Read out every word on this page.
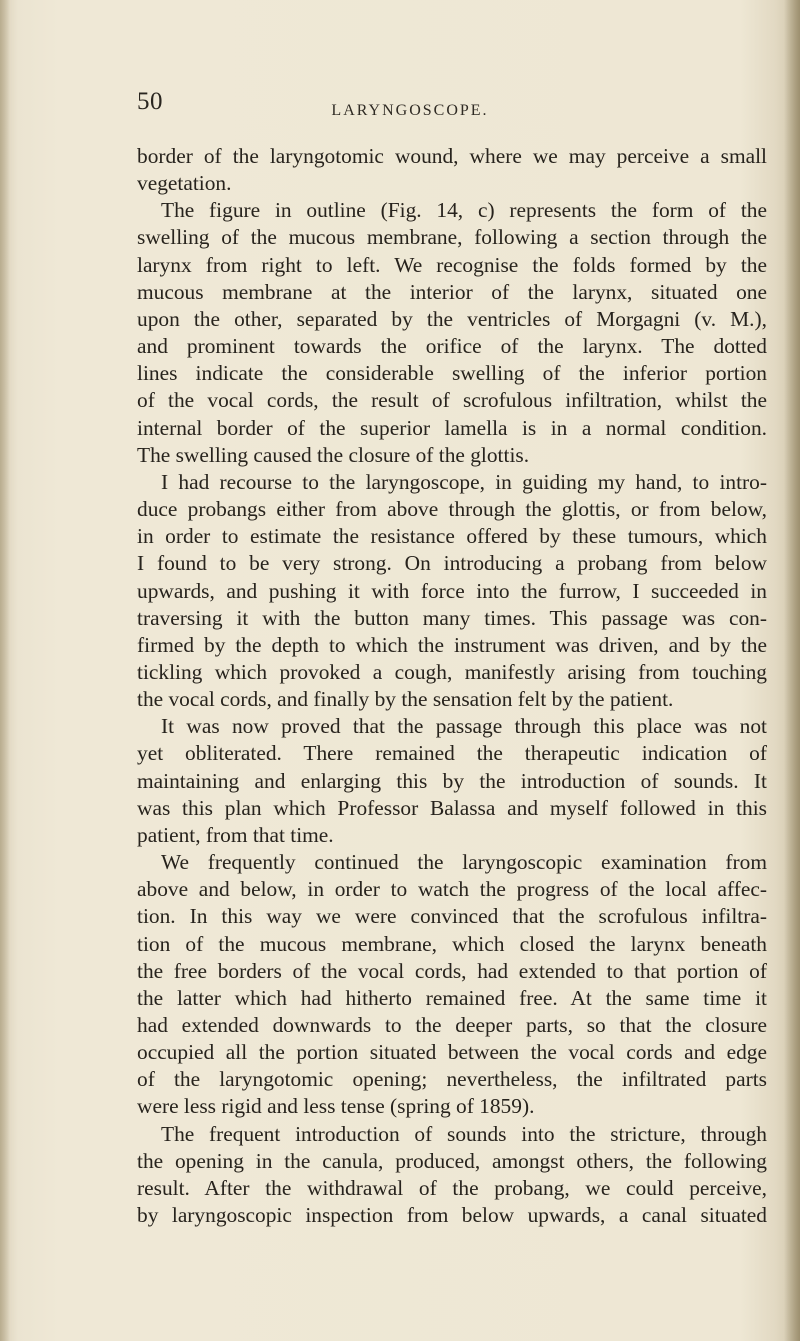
50	LARYNGOSCOPE.
border of the laryngotomic wound, where we may perceive a small
vegetation.
The figure in outline (Fig. 14, c) represents the form of the
swelling of the mucous membrane, following a section through the
larynx from right to left. We recognise the folds formed by the
mucous membrane at the interior of the larynx, situated one
upon the other, separated by the ventricles of Morgagni (v. M.),
and prominent towards the orifice of the larynx. The dotted
lines indicate the considerable swelling of the inferior portion
of the vocal cords, the result of scrofulous infiltration, whilst the
internal border of the superior lamella is in a normal condition.
The swelling caused the closure of the glottis.
I had recourse to the laryngoscope, in guiding my hand, to intro-
duce probangs either from above through the glottis, or from below,
in order to estimate the resistance offered by these tumours, which
I found to be very strong. On introducing a probang from below
upwards, and pushing it with force into the furrow, I succeeded in
traversing it with the button many times. This passage was con-
firmed by the depth to which the instrument was driven, and by the
tickling which provoked a cough, manifestly arising from touching
the vocal cords, and finally by the sensation felt by the patient.
It was now proved that the passage through this place was not
yet obliterated. There remained the therapeutic indication of
maintaining and enlarging this by the introduction of sounds. It
was this plan which Professor Balassa and myself followed in this
patient, from that time.
We frequently continued the laryngoscopic examination from
above and below, in order to watch the progress of the local affec-
tion. In this way we were convinced that the scrofulous infiltra-
tion of the mucous membrane, which closed the larynx beneath
the free borders of the vocal cords, had extended to that portion of
the latter which had hitherto remained free. At the same time it
had extended downwards to the deeper parts, so that the closure
occupied all the portion situated between the vocal cords and edge
of the laryngotomic opening; nevertheless, the infiltrated parts
were less rigid and less tense (spring of 1859).
The frequent introduction of sounds into the stricture, through
the opening in the canula, produced, amongst others, the following
result. After the withdrawal of the probang, we could perceive,
by laryngoscopic inspection from below upwards, a canal situated
